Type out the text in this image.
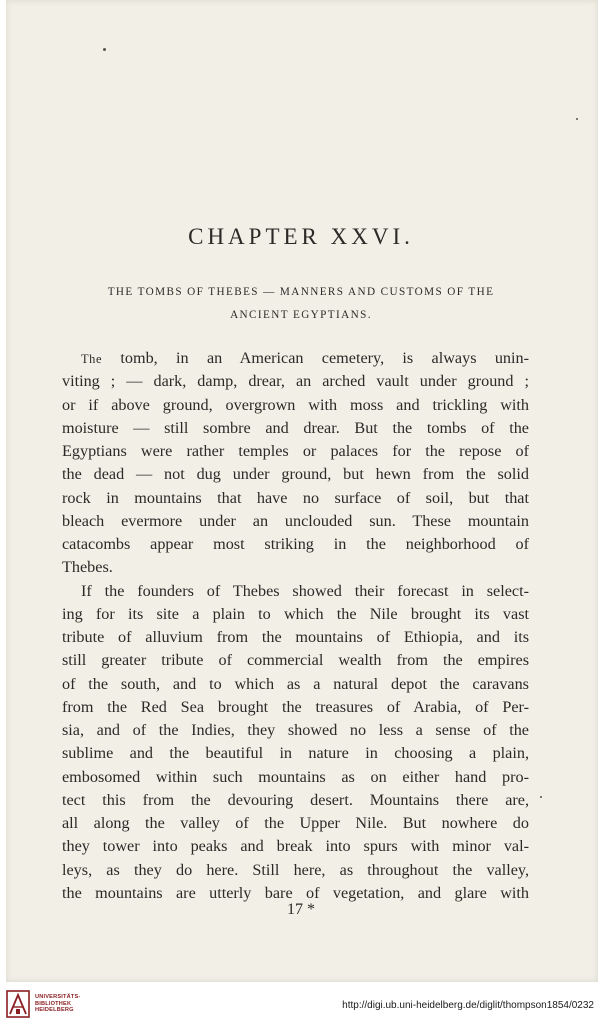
CHAPTER XXVI.
THE TOMBS OF THEBES — MANNERS AND CUSTOMS OF THE
ANCIENT EGYPTIANS.
The tomb, in an American cemetery, is always unin-
viting ; — dark, damp, drear, an arched vault under ground ;
or if above ground, overgrown with moss and trickling with
moisture — still sombre and drear. But the tombs of the
Egyptians were rather temples or palaces for the repose of
the dead — not dug under ground, but hewn from the solid
rock in mountains that have no surface of soil, but that
bleach evermore under an unclouded sun. These mountain
catacombs appear most striking in the neighborhood of
Thebes.
If the founders of Thebes showed their forecast in select-
ing for its site a plain to which the Nile brought its vast
tribute of alluvium from the mountains of Ethiopia, and its
still greater tribute of commercial wealth from the empires
of the south, and to which as a natural depot the caravans
from the Red Sea brought the treasures of Arabia, of Per-
sia, and of the Indies, they showed no less a sense of the
sublime and the beautiful in nature in choosing a plain,
embosomed within such mountains as on either hand pro-
tect this from the devouring desert. Mountains there are,
all along the valley of the Upper Nile. But nowhere do
they tower into peaks and break into spurs with minor val-
leys, as they do here. Still here, as throughout the valley,
the mountains are utterly bare of vegetation, and glare with
17 *
UNIVERSITÄTS-
BIBLIOTHEK
HEIDELBERG	http://digi.ub.uni-heidelberg.de/diglit/thompson1854/0232
